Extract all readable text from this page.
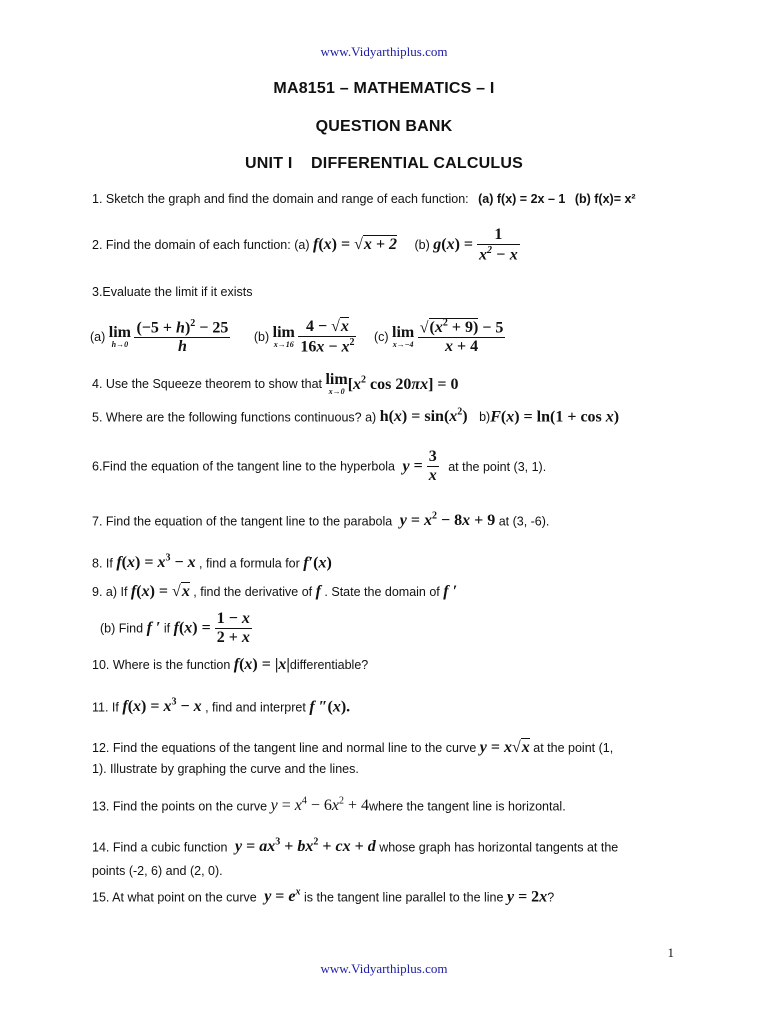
www.Vidyarthiplus.com
MA8151 – MATHEMATICS – I
QUESTION BANK
UNIT I    DIFFERENTIAL CALCULUS
1. Sketch the graph and find the domain and range of each function: (a) f(x) = 2x – 1 (b) f(x)= x²
2. Find the domain of each function: (a) f(x) = √x + 2 (b) $g(x) = \frac{1}{x^2 - x}$
3.Evaluate the limit if it exists
(a) lim
h→0
$\frac{(-5 + h)^2 - 25}{h} (b)$ lim
x→16
$\frac{4 - √x}{16x - x^2} (c)$ lim
x→−4
$\frac{√(x^2 + 9) - 5}{x + 4}$
4. Use the Squeeze theorem to show that lim
x→0 [$x^2$ cos 20πx] = 0
5. Where are the following functions continuous? a) $h(x) = \sin(x^2) b)F(x) = \ln(1 + \cos x)$
6.Find the equation of the tangent line to the hyperbola $y = \frac{3}{x}$ at the point (3, 1).
7. Find the equation of the tangent line to the parabola $y = x^2 - 8x + 9$ at (3, -6).
8. If $f(x) = x^3 - x$ , find a formula for f′(x)
9. a) If f(x) = √x , find the derivative of f . State the domain of f ′
(b) Find f ′ if $f(x) = \frac{1 - x}{2 + x}$
10. Where is the function f(x) = |x|differentiable?
11. If $f(x) = x^3 - x$ , find and interpret f ″(x).
12. Find the equations of the tangent line and normal line to the curve y = x√x at the point (1,
1). Illustrate by graphing the curve and the lines.
13. Find the points on the curve $y = x^4 - 6x^2$ + 4where the tangent line is horizontal.
14. Find a cubic function $y = ax^3 + bx^2$ + cx + d whose graph has horizontal tangents at the
points (-2, 6) and (2, 0).
15. At what point on the curve $y = e^x$ is the tangent line parallel to the line y = 2x?
1
www.Vidyarthiplus.com
